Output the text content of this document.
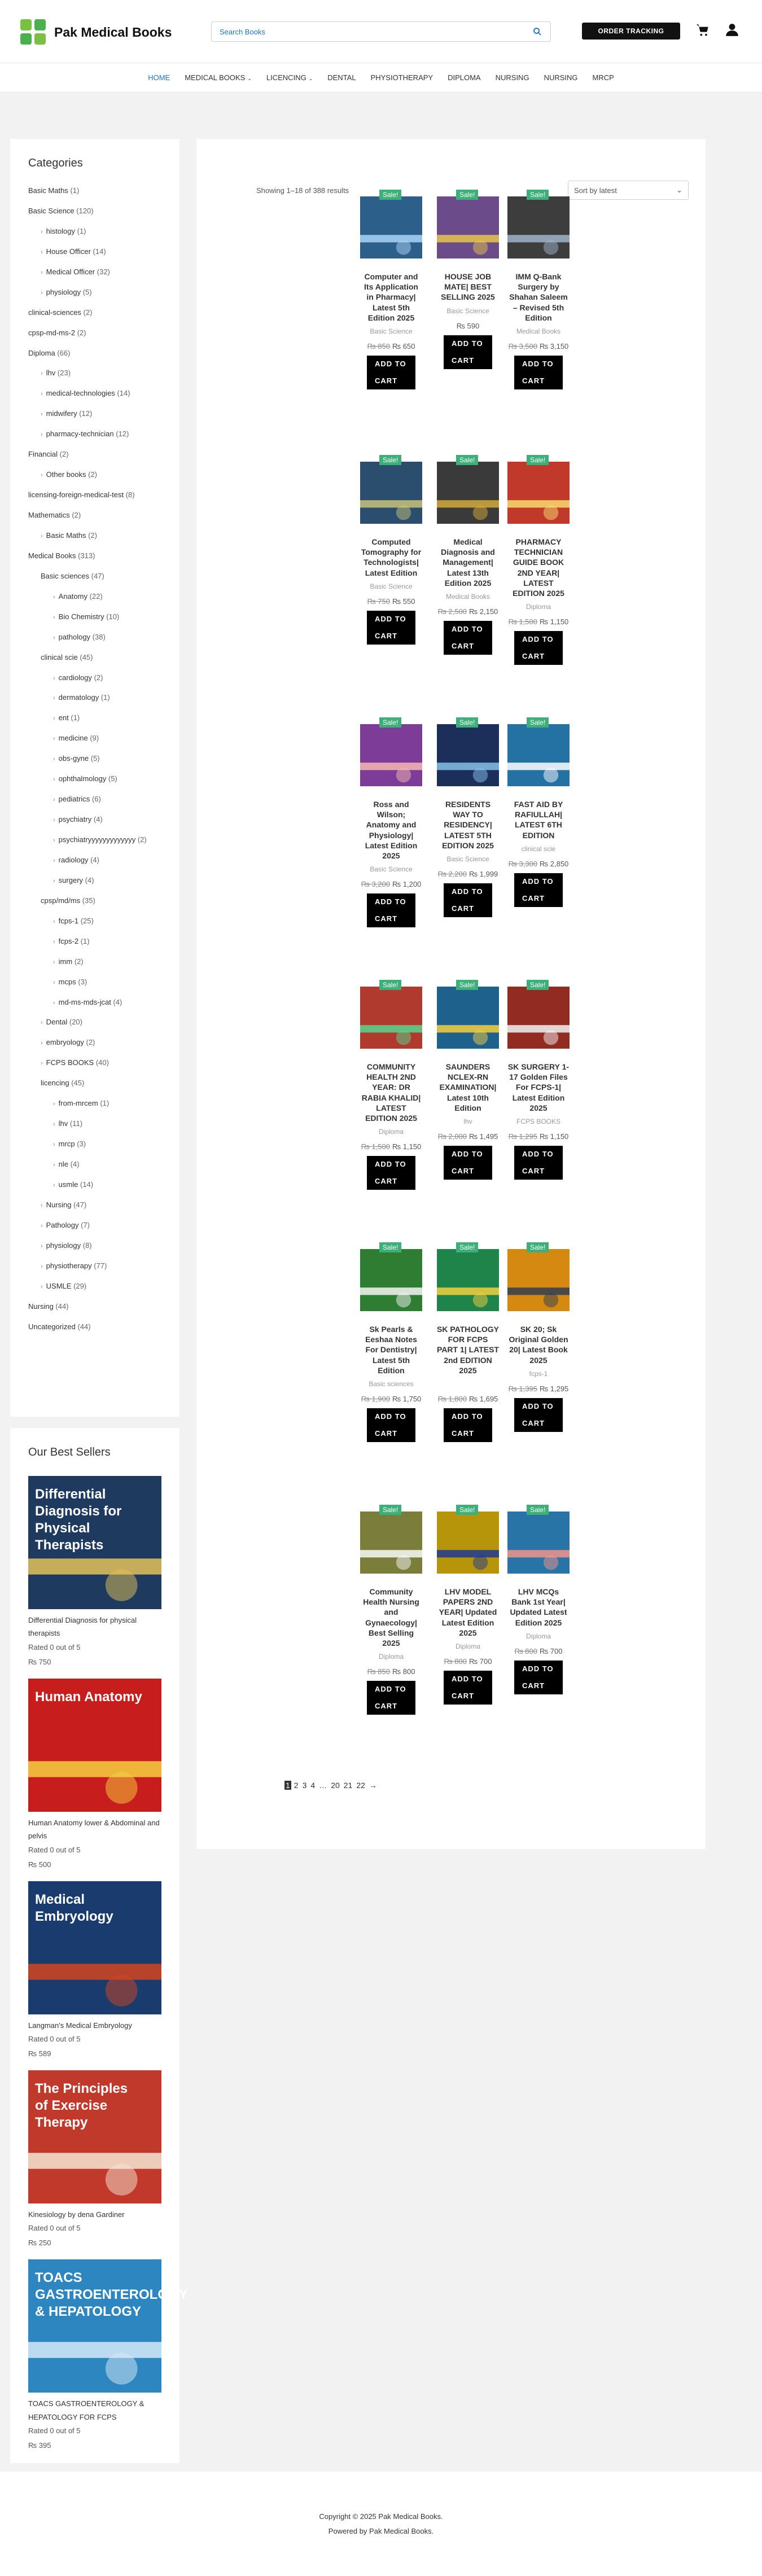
Pak Medical Books
Search Books	ORDER TRACKING
HOME MEDICAL BOOKS ⌄ LICENCING ⌄ DENTAL PHYSIOTHERAPY DIPLOMA NURSING NURSING MRCP
Categories
Basic Maths (1)
Basic Science (120)
› histology (1)
› House Officer (14)
› Medical Officer (32)
› physiology (5)
clinical-sciences (2)
cpsp-md-ms-2 (2)
Diploma (66)
› lhv (23)
› medical-technologies (14)
› midwifery (12)
› pharmacy-technician (12)
Financial (2)
› Other books (2)
licensing-foreign-medical-test (8)
Mathematics (2)
› Basic Maths (2)
Medical Books (313)
Basic sciences (47)
› Anatomy (22)
› Bio Chemistry (10)
› pathology (38)
clinical scie (45)
› cardiology (2)
› dermatology (1)
› ent (1)
› medicine (9)
› obs-gyne (5)
› ophthalmology (5)
› pediatrics (6)
› psychiatry (4)
› psychiatryyyyyyyyyyyyy (2)
› radiology (4)
› surgery (4)
cpsp/md/ms (35)
› fcps-1 (25)
› fcps-2 (1)
› imm (2)
› mcps (3)
› md-ms-mds-jcat (4)
› Dental (20)
› embryology (2)
› FCPS BOOKS (40)
licencing (45)
› from-mrcem (1)
› lhv (11)
› mrcp (3)
› nle (4)
› usmle (14)
› Nursing (47)
› Pathology (7)
› physiology (8)
› physiotherapy (77)
› USMLE (29)
Nursing (44)
Uncategorized (44)
Our Best Sellers
Differential
Diagnosis for
Physical
Therapists
Differential Diagnosis for physical therapists
Rated 0 out of 5
₨ 750
Human Anatomy
Human Anatomy lower & Abdominal and pelvis
Rated 0 out of 5
₨ 500
Medical
Embryology
Langman's Medical Embryology
Rated 0 out of 5
₨ 589
The Principles
of Exercise
Therapy
Kinesiology by dena Gardiner
Rated 0 out of 5
₨ 250
TOACS
GASTROENTEROLOGY
& HEPATOLOGY
TOACS GASTROENTEROLOGY & HEPATOLOGY FOR FCPS
Rated 0 out of 5
₨ 395
Showing 1–18 of 388 results	Sort by latest	⌄
Sale!
Computer and Its Application in Pharmacy| Latest 5th Edition 2025
Basic Science
₨ 850 ₨ 650
ADD TO CART
Sale!
HOUSE JOB MATE| BEST SELLING 2025
Basic Science
₨ 590
ADD TO CART
Sale!
IMM Q-Bank Surgery by Shahan Saleem – Revised 5th Edition
Medical Books
₨ 3,500 ₨ 3,150
ADD TO CART
Sale!
Computed Tomography for Technologists| Latest Edition
Basic Science
₨ 750 ₨ 550
ADD TO CART
Sale!
Medical Diagnosis and Management| Latest 13th Edition 2025
Medical Books
₨ 2,500 ₨ 2,150
ADD TO CART
Sale!
PHARMACY TECHNICIAN GUIDE BOOK 2ND YEAR| LATEST EDITION 2025
Diploma
₨ 1,500 ₨ 1,150
ADD TO CART
Sale!
Ross and Wilson; Anatomy and Physiology| Latest Edition 2025
Basic Science
₨ 3,200 ₨ 1,200
ADD TO CART
Sale!
RESIDENTS WAY TO RESIDENCY| LATEST 5TH EDITION 2025
Basic Science
₨ 2,200 ₨ 1,999
ADD TO CART
Sale!
FAST AID BY RAFIULLAH| LATEST 6TH EDITION
clinical scie
₨ 3,300 ₨ 2,850
ADD TO CART
Sale!
COMMUNITY HEALTH 2ND YEAR: DR RABIA KHALID| LATEST EDITION 2025
Diploma
₨ 1,500 ₨ 1,150
ADD TO CART
Sale!
SAUNDERS NCLEX-RN EXAMINATION| Latest 10th Edition
lhv
₨ 2,000 ₨ 1,495
ADD TO CART
Sale!
SK SURGERY 1-17 Golden Files For FCPS-1| Latest Edition 2025
FCPS BOOKS
₨ 1,295 ₨ 1,150
ADD TO CART
Sale!
Sk Pearls & Eeshaa Notes For Dentistry| Latest 5th Edition
Basic sciences
₨ 1,900 ₨ 1,750
ADD TO CART
Sale!
SK PATHOLOGY FOR FCPS PART 1| LATEST 2nd EDITION 2025
₨ 1,800 ₨ 1,695
ADD TO CART
Sale!
SK 20; Sk Original Golden 20| Latest Book 2025
fcps-1
₨ 1,395 ₨ 1,295
ADD TO CART
Sale!
Community Health Nursing and Gynaecology| Best Selling 2025
Diploma
₨ 850 ₨ 800
ADD TO CART
Sale!
LHV MODEL PAPERS 2ND YEAR| Updated Latest Edition 2025
Diploma
₨ 800 ₨ 700
ADD TO CART
Sale!
LHV MCQs Bank 1st Year| Updated Latest Edition 2025
Diploma
₨ 800 ₨ 700
ADD TO CART
1 2 3 4 … 20 21 22 →
Copyright © 2025 Pak Medical Books.
Powered by Pak Medical Books.
